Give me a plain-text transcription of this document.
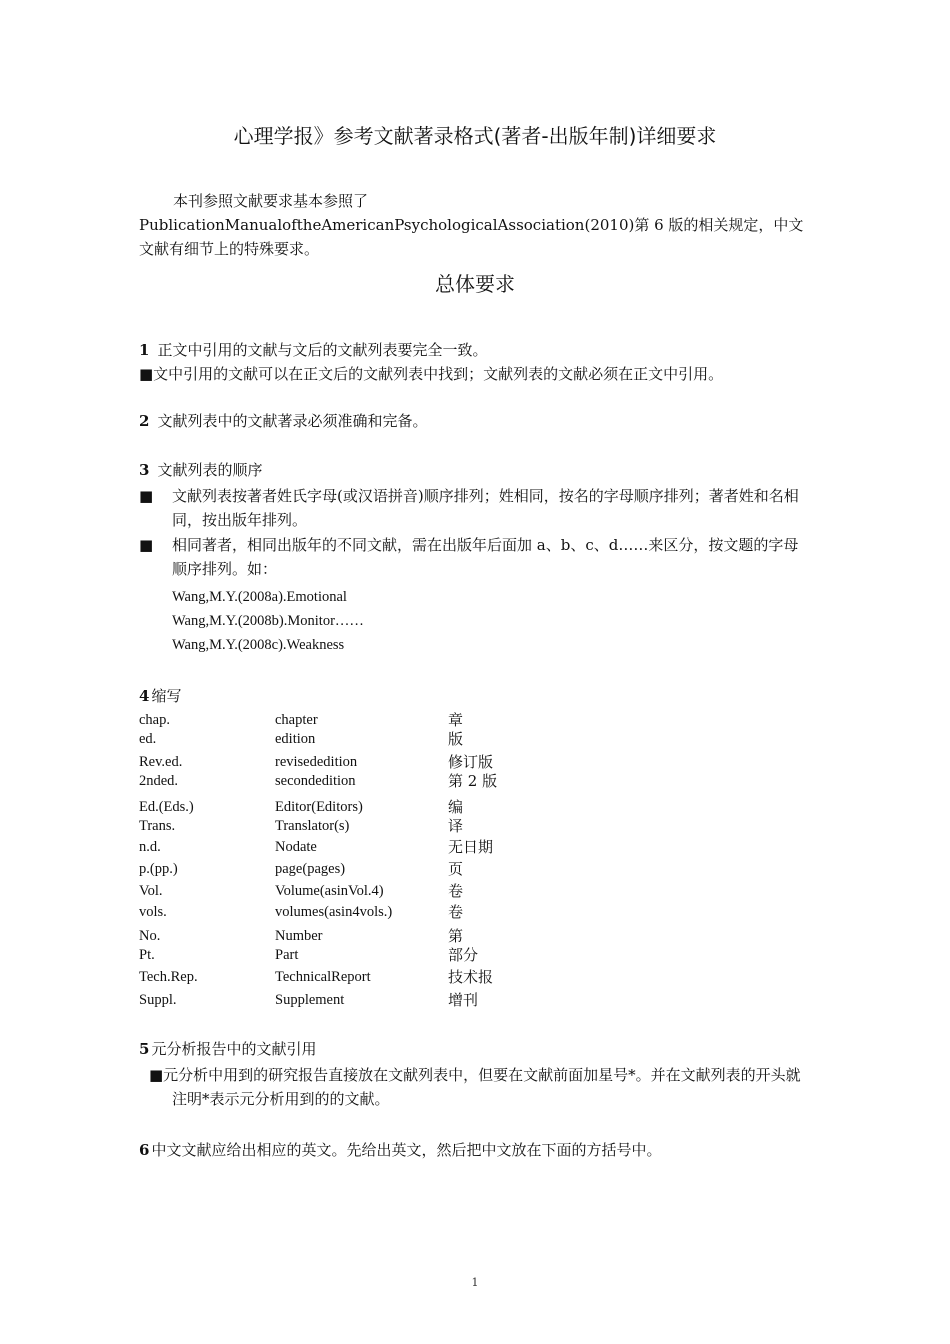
心理学报》参考文献著录格式(著者-出版年制)详细要求
本刊参照文献要求基本参照了 PublicationManualoftheAmericanPsychologicalAssociation(2010)第 6 版的相关规定，中文文献有细节上的特殊要求。
总体要求
1 正文中引用的文献与文后的文献列表要完全一致。
■文中引用的文献可以在正文后的文献列表中找到；文献列表的文献必须在正文中引用。
2 文献列表中的文献著录必须准确和完备。
3 文献列表的顺序
■	文献列表按著者姓氏字母(或汉语拼音)顺序排列；姓相同，按名的字母顺序排列；著者姓和名相同，按出版年排列。
■	相同著者，相同出版年的不同文献，需在出版年后面加 a、b、c、d……来区分，按文题的字母顺序排列。如：
Wang,M.Y.(2008a).Emotional
Wang,M.Y.(2008b).Monitor……
Wang,M.Y.(2008c).Weakness
4 缩写
chap.	chapter	章
ed.	edition	版
Rev.ed.	revisededition	修订版
2nded.	secondedition	第 2 版
Ed.(Eds.)	Editor(Editors)	编
Trans.	Translator(s)	译
n.d.	Nodate	无日期
p.(pp.)	page(pages)	页
Vol.	Volume(asinVol.4)	卷
vols.	volumes(asin4vols.)	卷
No.	Number	第
Pt.	Part	部分
Tech.Rep.	TechnicalReport	技术报
Suppl.	Supplement	增刊
5 元分析报告中的文献引用
■元分析中用到的研究报告直接放在文献列表中，但要在文献前面加星号*。并在文献列表的开头就注明*表示元分析用到的的文献。
6 中文文献应给出相应的英文。先给出英文，然后把中文放在下面的方括号中。
1
